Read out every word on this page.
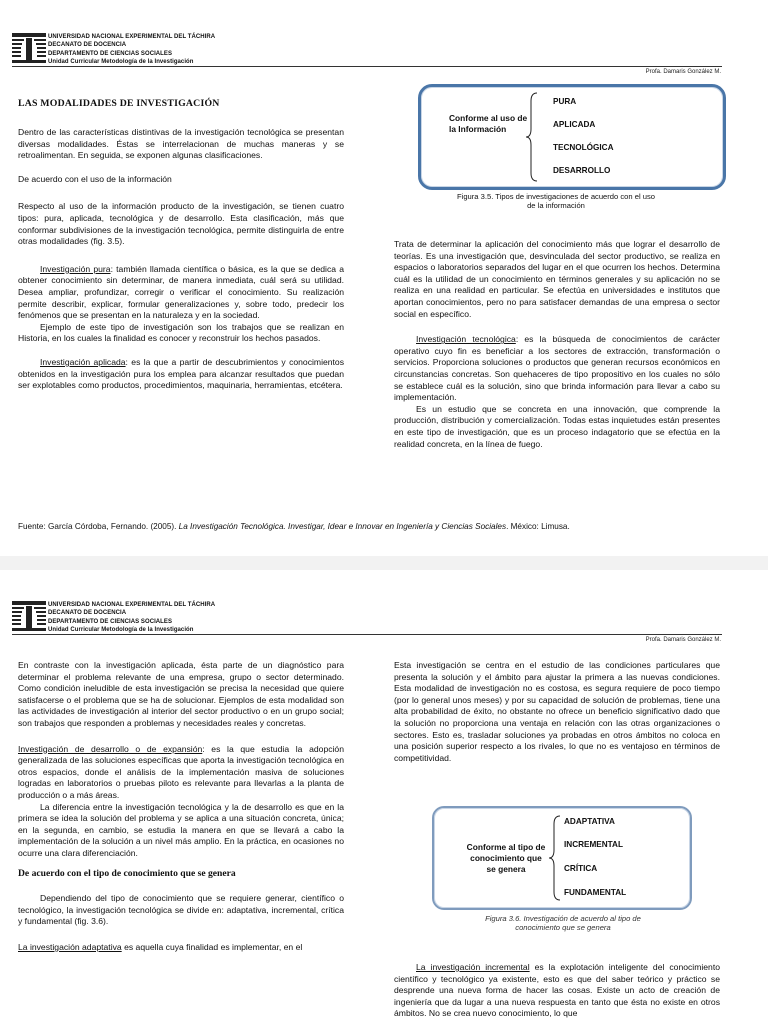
UNIVERSIDAD NACIONAL EXPERIMENTAL DEL TÁCHIRA
DECANATO DE DOCENCIA
DEPARTAMENTO DE CIENCIAS SOCIALES
Unidad Curricular Metodología de la Investigación
Profa. Damaris González M.
LAS MODALIDADES DE INVESTIGACIÓN

Dentro de las características distintivas de la investigación tecnológica se presentan diversas modalidades. Éstas se interrelacionan de muchas maneras y se retroalimentan. En seguida, se exponen algunas clasificaciones.

De acuerdo con el uso de la información

Respecto al uso de la información producto de la investigación, se tienen cuatro tipos: pura, aplicada, tecnológica y de desarrollo. Esta clasificación, más que conformar subdivisiones de la investigación tecnológica, permite distinguirla de entre otras modalidades (fig. 3.5).

Investigación pura: también llamada científica o básica, es la que se dedica a obtener conocimiento sin determinar, de manera inmediata, cuál será su utilidad. Desea ampliar, profundizar, corregir o verificar el conocimiento. Su realización permite describir, explicar, formular generalizaciones y, sobre todo, predecir los fenómenos que se presentan en la naturaleza y en la sociedad.

Ejemplo de este tipo de investigación son los trabajos que se realizan en Historia, en los cuales la finalidad es conocer y reconstruir los hechos pasados.

Investigación aplicada: es la que a partir de descubrimientos y conocimientos obtenidos en la investigación pura los emplea para alcanzar resultados que puedan ser explotables como productos, procedimientos, maquinaria, herramientas, etcétera.

Conforme al uso de la Información
PURA
APLICADA
TECNOLÓGICA
DESARROLLO
Figura 3.5. Tipos de investigaciones de acuerdo con el uso de la información

Trata de determinar la aplicación del conocimiento más que lograr el desarrollo de teorías. Es una investigación que, desvinculada del sector productivo, se realiza en espacios o laboratorios separados del lugar en el que ocurren los hechos. Determina cuál es la utilidad de un conocimiento en términos generales y su aplicación no se realiza en una realidad en particular. Se efectúa en universidades e institutos que aportan conocimientos, pero no para satisfacer demandas de una empresa o sector social en específico.

Investigación tecnológica: es la búsqueda de conocimientos de carácter operativo cuyo fin es beneficiar a los sectores de extracción, transformación o servicios. Proporciona soluciones o productos que generan recursos económicos en circunstancias concretas. Son quehaceres de tipo propositivo en los cuales no sólo se establece cuál es la solución, sino que brinda información para llevar a cabo su implementación.

Es un estudio que se concreta en una innovación, que comprende la producción, distribución y comercialización. Todas estas inquietudes están presentes en este tipo de investigación, que es un proceso indagatorio que se efectúa en la realidad concreta, en la línea de fuego.

Fuente: García Córdoba, Fernando. (2005). La Investigación Tecnológica. Investigar, Idear e Innovar en Ingeniería y Ciencias Sociales. México: Limusa.
UNIVERSIDAD NACIONAL EXPERIMENTAL DEL TÁCHIRA
DECANATO DE DOCENCIA
DEPARTAMENTO DE CIENCIAS SOCIALES
Unidad Curricular Metodología de la Investigación
Profa. Damaris González M.

En contraste con la investigación aplicada, ésta parte de un diagnóstico para determinar el problema relevante de una empresa, grupo o sector determinado. Como condición ineludible de esta investigación se precisa la necesidad que quiere satisfacerse o el problema que se ha de solucionar. Ejemplos de esta modalidad son las actividades de investigación al interior del sector productivo o en un grupo social; son trabajos que responden a problemas y necesidades reales y concretas.

Investigación de desarrollo o de expansión: es la que estudia la adopción generalizada de las soluciones específicas que aporta la investigación tecnológica en otros espacios, donde el análisis de la implementación masiva de soluciones logradas en laboratorios o pruebas piloto es relevante para llevarlas a la planta de producción o a más áreas.

La diferencia entre la investigación tecnológica y la de desarrollo es que en la primera se idea la solución del problema y se aplica a una situación concreta, única; en la segunda, en cambio, se estudia la manera en que se llevará a cabo la implementación de la solución a un nivel más amplio. En la práctica, en ocasiones no ocurre una clara diferenciación.

De acuerdo con el tipo de conocimiento que se genera

Dependiendo del tipo de conocimiento que se requiere generar, científico o tecnológico, la investigación tecnológica se divide en: adaptativa, incremental, crítica y fundamental (fig. 3.6).

La investigación adaptativa es aquella cuya finalidad es implementar, en el

Esta investigación se centra en el estudio de las condiciones particulares que presenta la solución y el ámbito para ajustar la primera a las nuevas condiciones. Esta modalidad de investigación no es costosa, es segura requiere de poco tiempo (por lo general unos meses) y por su capacidad de solución de problemas, tiene una alta probabilidad de éxito, no obstante no ofrece un beneficio significativo dado que la solución no proporciona una ventaja en relación con las otras organizaciones o sectores. Esto es, trasladar soluciones ya probadas en otros ámbitos no coloca en una posición superior respecto a los rivales, lo que no es ventajoso en términos de competitividad.

Conforme al tipo de conocimiento que se genera
ADAPTATIVA
INCREMENTAL
CRÍTICA
FUNDAMENTAL
Figura 3.6. Investigación de acuerdo al tipo de conocimiento que se genera

La investigación incremental es la explotación inteligente del conocimiento científico y tecnológico ya existente, esto es que del saber teórico y práctico se desprende una nueva forma de hacer las cosas. Existe un acto de creación de ingeniería que da lugar a una nueva respuesta en tanto que ésta no existe en otros ámbitos. No se crea nuevo conocimiento, lo que
